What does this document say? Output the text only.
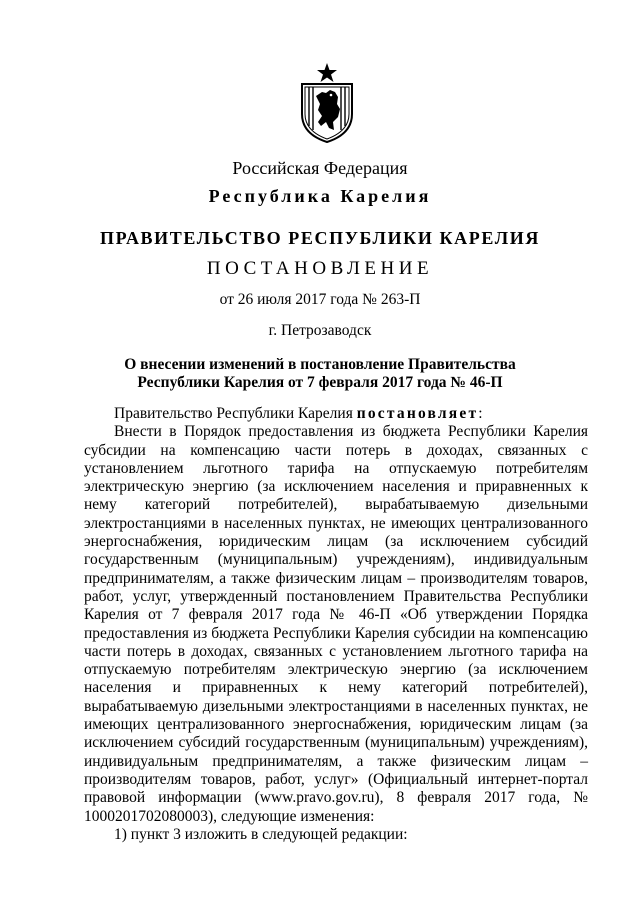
Российская Федерация
Республика Карелия
ПРАВИТЕЛЬСТВО РЕСПУБЛИКИ КАРЕЛИЯ
ПОСТАНОВЛЕНИЕ
от 26 июля 2017 года № 263-П
г. Петрозаводск
О внесении изменений в постановление Правительства
Республики Карелия от 7 февраля 2017 года № 46-П

Правительство Республики Карелия постановляет:

Внести в Порядок предоставления из бюджета Республики Карелия субсидии на компенсацию части потерь в доходах, связанных с установлением льготного тарифа на отпускаемую потребителям электрическую энергию (за исключением населения и приравненных к нему категорий потребителей), вырабатываемую дизельными электростанциями в населенных пунктах, не имеющих централизованного энергоснабжения, юридическим лицам (за исключением субсидий государственным (муниципальным) учреждениям), индивидуальным предпринимателям, а также физическим лицам – производителям товаров, работ, услуг, утвержденный постановлением Правительства Республики Карелия от 7 февраля 2017 года № 46-П «Об утверждении Порядка предоставления из бюджета Республики Карелия субсидии на компенсацию части потерь в доходах, связанных с установлением льготного тарифа на отпускаемую потребителям электрическую энергию (за исключением населения и приравненных к нему категорий потребителей), вырабатываемую дизельными электростанциями в населенных пунктах, не имеющих централизованного энергоснабжения, юридическим лицам (за исключением субсидий государственным (муниципальным) учреждениям), индивидуальным предпринимателям, а также физическим лицам – производителям товаров, работ, услуг» (Официальный интернет-портал правовой информации (www.pravo.gov.ru), 8 февраля 2017 года, № 1000201702080003), следующие изменения:

1) пункт 3 изложить в следующей редакции:
